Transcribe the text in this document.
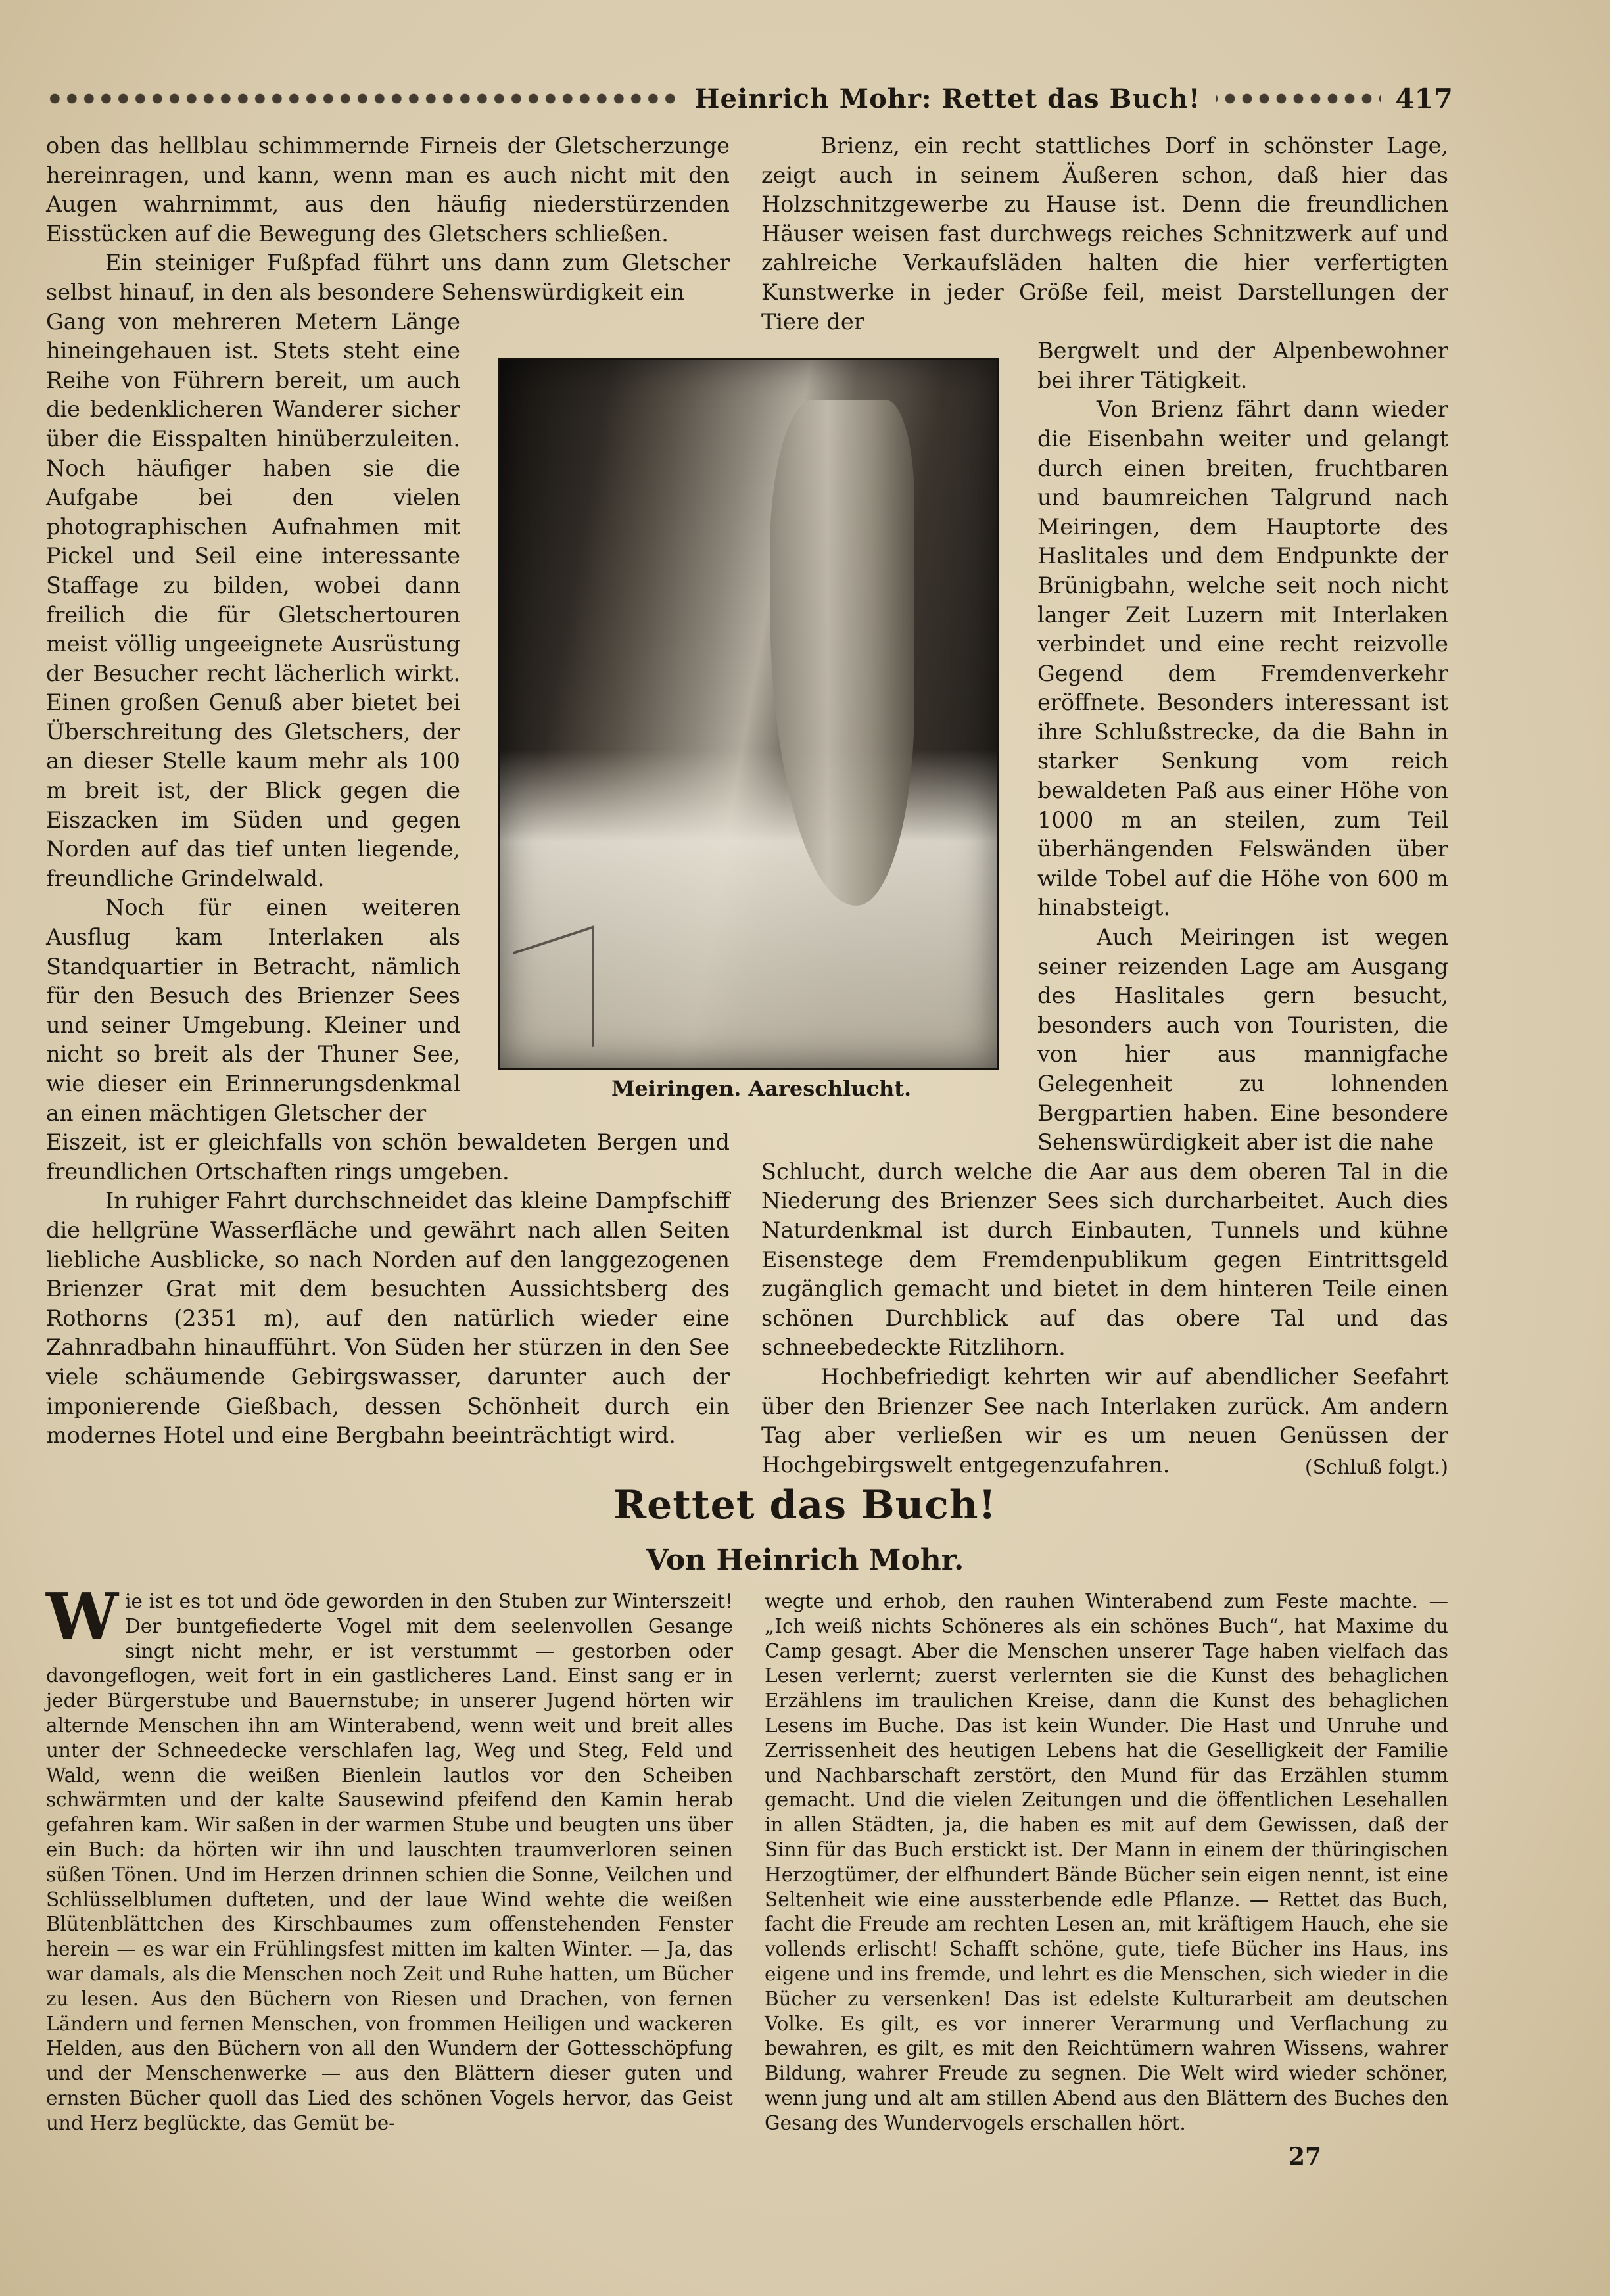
Heinrich Mohr: Rettet das Buch!	417

oben das hellblau schimmernde Firneis der Gletscherzunge hereinragen, und kann, wenn man es auch nicht mit den Augen wahrnimmt, aus den häufig niederstürzenden Eisstücken auf die Bewegung des Gletschers schließen.

Ein steiniger Fußpfad führt uns dann zum Gletscher selbst hinauf, in den als besondere Sehenswürdigkeit ein

Gang von mehreren Metern Länge hineingehauen ist. Stets steht eine Reihe von Führern bereit, um auch die bedenklicheren Wanderer sicher über die Eisspalten hinüberzuleiten. Noch häufiger haben sie die Aufgabe bei den vielen photographischen Aufnahmen mit Pickel und Seil eine interessante Staffage zu bilden, wobei dann freilich die für Gletschertouren meist völlig ungeeignete Ausrüstung der Besucher recht lächerlich wirkt. Einen großen Genuß aber bietet bei Überschreitung des Gletschers, der an dieser Stelle kaum mehr als 100 m breit ist, der Blick gegen die Eiszacken im Süden und gegen Norden auf das tief unten liegende, freundliche Grindelwald.

Noch für einen weiteren Ausflug kam Interlaken als Standquartier in Betracht, nämlich für den Besuch des Brienzer Sees und seiner Umgebung. Kleiner und nicht so breit als der Thuner See, wie dieser ein Erinnerungsdenkmal an einen mächtigen Gletscher der

Eiszeit, ist er gleichfalls von schön bewaldeten Bergen und freundlichen Ortschaften rings umgeben.

In ruhiger Fahrt durchschneidet das kleine Dampfschiff die hellgrüne Wasserfläche und gewährt nach allen Seiten liebliche Ausblicke, so nach Norden auf den langgezogenen Brienzer Grat mit dem besuchten Aussichtsberg des Rothorns (2351 m), auf den natürlich wieder eine Zahnradbahn hinaufführt. Von Süden her stürzen in den See viele schäumende Gebirgswasser, darunter auch der imponierende Gießbach, dessen Schönheit durch ein modernes Hotel und eine Bergbahn beeinträchtigt wird.

Brienz, ein recht stattliches Dorf in schönster Lage, zeigt auch in seinem Äußeren schon, daß hier das Holzschnitzgewerbe zu Hause ist. Denn die freundlichen Häuser weisen fast durchwegs reiches Schnitzwerk auf und zahlreiche Verkaufsläden halten die hier verfertigten Kunstwerke in jeder Größe feil, meist Darstellungen der Tiere der

Bergwelt und der Alpenbewohner bei ihrer Tätigkeit.

Von Brienz fährt dann wieder die Eisenbahn weiter und gelangt durch einen breiten, fruchtbaren und baumreichen Talgrund nach Meiringen, dem Hauptorte des Haslitales und dem Endpunkte der Brünigbahn, welche seit noch nicht langer Zeit Luzern mit Interlaken verbindet und eine recht reizvolle Gegend dem Fremdenverkehr eröffnete. Besonders interessant ist ihre Schlußstrecke, da die Bahn in starker Senkung vom reich bewaldeten Paß aus einer Höhe von 1000 m an steilen, zum Teil überhängenden Felswänden über wilde Tobel auf die Höhe von 600 m hinabsteigt.

Auch Meiringen ist wegen seiner reizenden Lage am Ausgang des Haslitales gern besucht, besonders auch von Touristen, die von hier aus mannigfache Gelegenheit zu lohnenden Bergpartien haben. Eine besondere Sehenswürdigkeit aber ist die nahe

Schlucht, durch welche die Aar aus dem oberen Tal in die Niederung des Brienzer Sees sich durcharbeitet. Auch dies Naturdenkmal ist durch Einbauten, Tunnels und kühne Eisenstege dem Fremdenpublikum gegen Eintrittsgeld zugänglich gemacht und bietet in dem hinteren Teile einen schönen Durchblick auf das obere Tal und das schneebedeckte Ritzlihorn.

Hochbefriedigt kehrten wir auf abendlicher Seefahrt über den Brienzer See nach Interlaken zurück. Am andern Tag aber verließen wir es um neuen Genüssen der Hochgebirgswelt entgegenzufahren.	(Schluß folgt.)

Meiringen. Aareschlucht.
Rettet das Buch!
Von Heinrich Mohr.
W ie ist es tot und öde geworden in den Stuben zur Winterszeit! Der buntgefiederte Vogel mit dem seelenvollen Gesange singt nicht mehr, er ist verstummt — gestorben oder davongeflogen, weit fort in ein gastlicheres Land. Einst sang er in jeder Bürgerstube und Bauernstube; in unserer Jugend hörten wir alternde Menschen ihn am Winterabend, wenn weit und breit alles unter der Schneedecke verschlafen lag, Weg und Steg, Feld und Wald, wenn die weißen Bienlein lautlos vor den Scheiben schwärmten und der kalte Sausewind pfeifend den Kamin herab gefahren kam. Wir saßen in der warmen Stube und beugten uns über ein Buch: da hörten wir ihn und lauschten traumverloren seinen süßen Tönen. Und im Herzen drinnen schien die Sonne, Veilchen und Schlüsselblumen dufteten, und der laue Wind wehte die weißen Blütenblättchen des Kirschbaumes zum offenstehenden Fenster herein — es war ein Frühlingsfest mitten im kalten Winter. — Ja, das war damals, als die Menschen noch Zeit und Ruhe hatten, um Bücher zu lesen. Aus den Büchern von Riesen und Drachen, von fernen Ländern und fernen Menschen, von frommen Heiligen und wackeren Helden, aus den Büchern von all den Wundern der Gottesschöpfung und der Menschenwerke — aus den Blättern dieser guten und ernsten Bücher quoll das Lied des schönen Vogels hervor, das Geist und Herz beglückte, das Gemüt be-
wegte und erhob, den rauhen Winterabend zum Feste machte. — „Ich weiß nichts Schöneres als ein schönes Buch“, hat Maxime du Camp gesagt. Aber die Menschen unserer Tage haben vielfach das Lesen verlernt; zuerst verlernten sie die Kunst des behaglichen Erzählens im traulichen Kreise, dann die Kunst des behaglichen Lesens im Buche. Das ist kein Wunder. Die Hast und Unruhe und Zerrissenheit des heutigen Lebens hat die Geselligkeit der Familie und Nachbarschaft zerstört, den Mund für das Erzählen stumm gemacht. Und die vielen Zeitungen und die öffentlichen Lesehallen in allen Städten, ja, die haben es mit auf dem Gewissen, daß der Sinn für das Buch erstickt ist. Der Mann in einem der thüringischen Herzogtümer, der elfhundert Bände Bücher sein eigen nennt, ist eine Seltenheit wie eine aussterbende edle Pflanze. — Rettet das Buch, facht die Freude am rechten Lesen an, mit kräftigem Hauch, ehe sie vollends erlischt! Schafft schöne, gute, tiefe Bücher ins Haus, ins eigene und ins fremde, und lehrt es die Menschen, sich wieder in die Bücher zu versenken! Das ist edelste Kulturarbeit am deutschen Volke. Es gilt, es vor innerer Verarmung und Verflachung zu bewahren, es gilt, es mit den Reichtümern wahren Wissens, wahrer Bildung, wahrer Freude zu segnen. Die Welt wird wieder schöner, wenn jung und alt am stillen Abend aus den Blättern des Buches den Gesang des Wundervogels erschallen hört.
27
